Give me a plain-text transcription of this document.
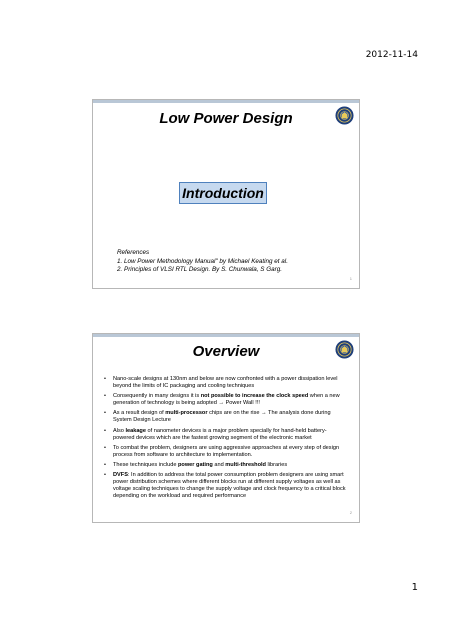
2012-11-14
Low Power Design
Introduction
References
1. Low Power Methodology Manual" by Michael Keating et al.
2. Principles of VLSI RTL Design. By S. Chunwala, S Garg.
1
Overview
• Nano-scale designs at 130nm and below are now confronted with a power dissipation level beyond the limits of IC packaging and cooling techniques
• Consequently in many designs it is not possible to increase the clock speed when a new generation of technology is being adopted → Power Wall !!!
• As a result design of multi-processor chips are on the rise → The analysis done during System Design Lecture
• Also leakage of nanometer devices is a major problem specially for hand-held battery-powered devices which are the fastest growing segment of the electronic market
• To combat the problem, designers are using aggressive approaches at every step of design process from software to architecture to implementation.
• These techniques include power gating and multi-threshold libraries
• DVFS: In addition to address the total power consumption problem designers are using smart power distribution schemes where different blocks run at different supply voltages as well as voltage scaling techniques to change the supply voltage and clock frequency to a critical block depending on the workload and required performance
2
1
